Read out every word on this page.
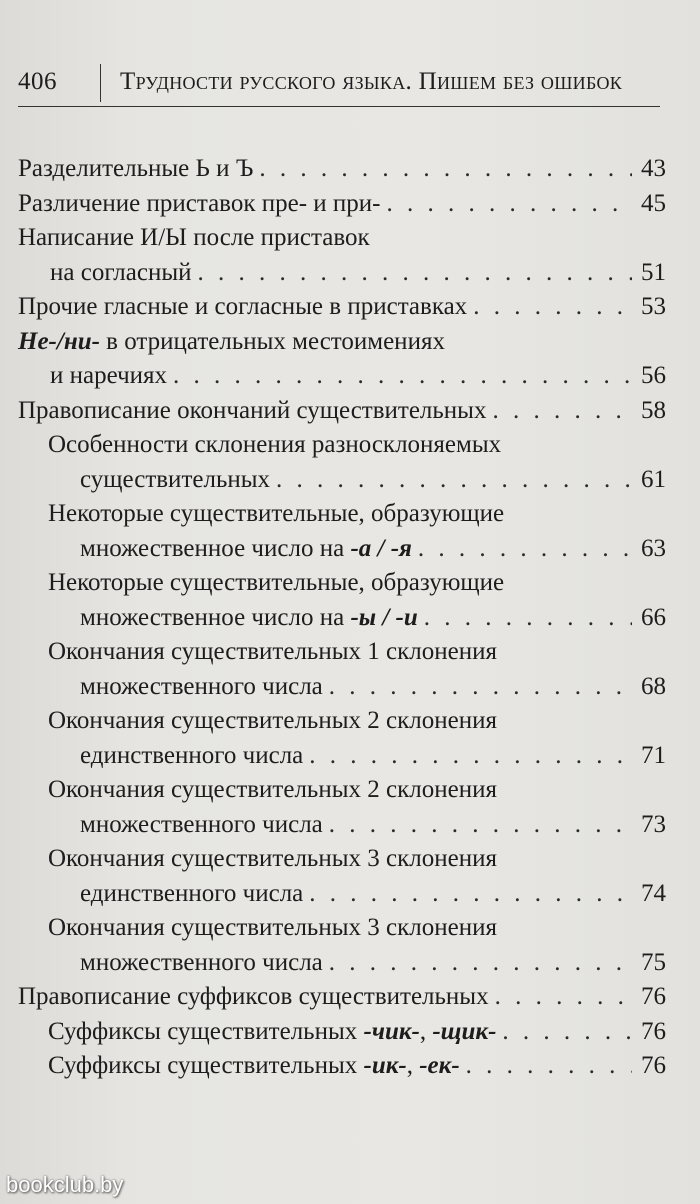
406	Трудности русского языка. Пишем без ошибок
Разделительные Ь и Ъ . . .	43
Различение приставок пре- и при- . . .	45
Написание И/Ы после приставок
на согласный . . .	51
Прочие гласные и согласные в приставках . . .	53
Не-/ни- в отрицательных местоимениях
и наречиях . . .	56
Правописание окончаний существительных . . .	58
Особенности склонения разносклоняемых
существительных . . .	61
Некоторые существительные, образующие
множественное число на -а / -я . . .	63
Некоторые существительные, образующие
множественное число на -ы / -и . . .	66
Окончания существительных 1 склонения
множественного числа . . .	68
Окончания существительных 2 склонения
единственного числа . . .	71
Окончания существительных 2 склонения
множественного числа . . .	73
Окончания существительных 3 склонения
единственного числа . . .	74
Окончания существительных 3 склонения
множественного числа . . .	75
Правописание суффиксов существительных . . .	76
Суффиксы существительных -чик-, -щик- . . .	76
Суффиксы существительных -ик-, -ек- . . .	76
bookclub.by
